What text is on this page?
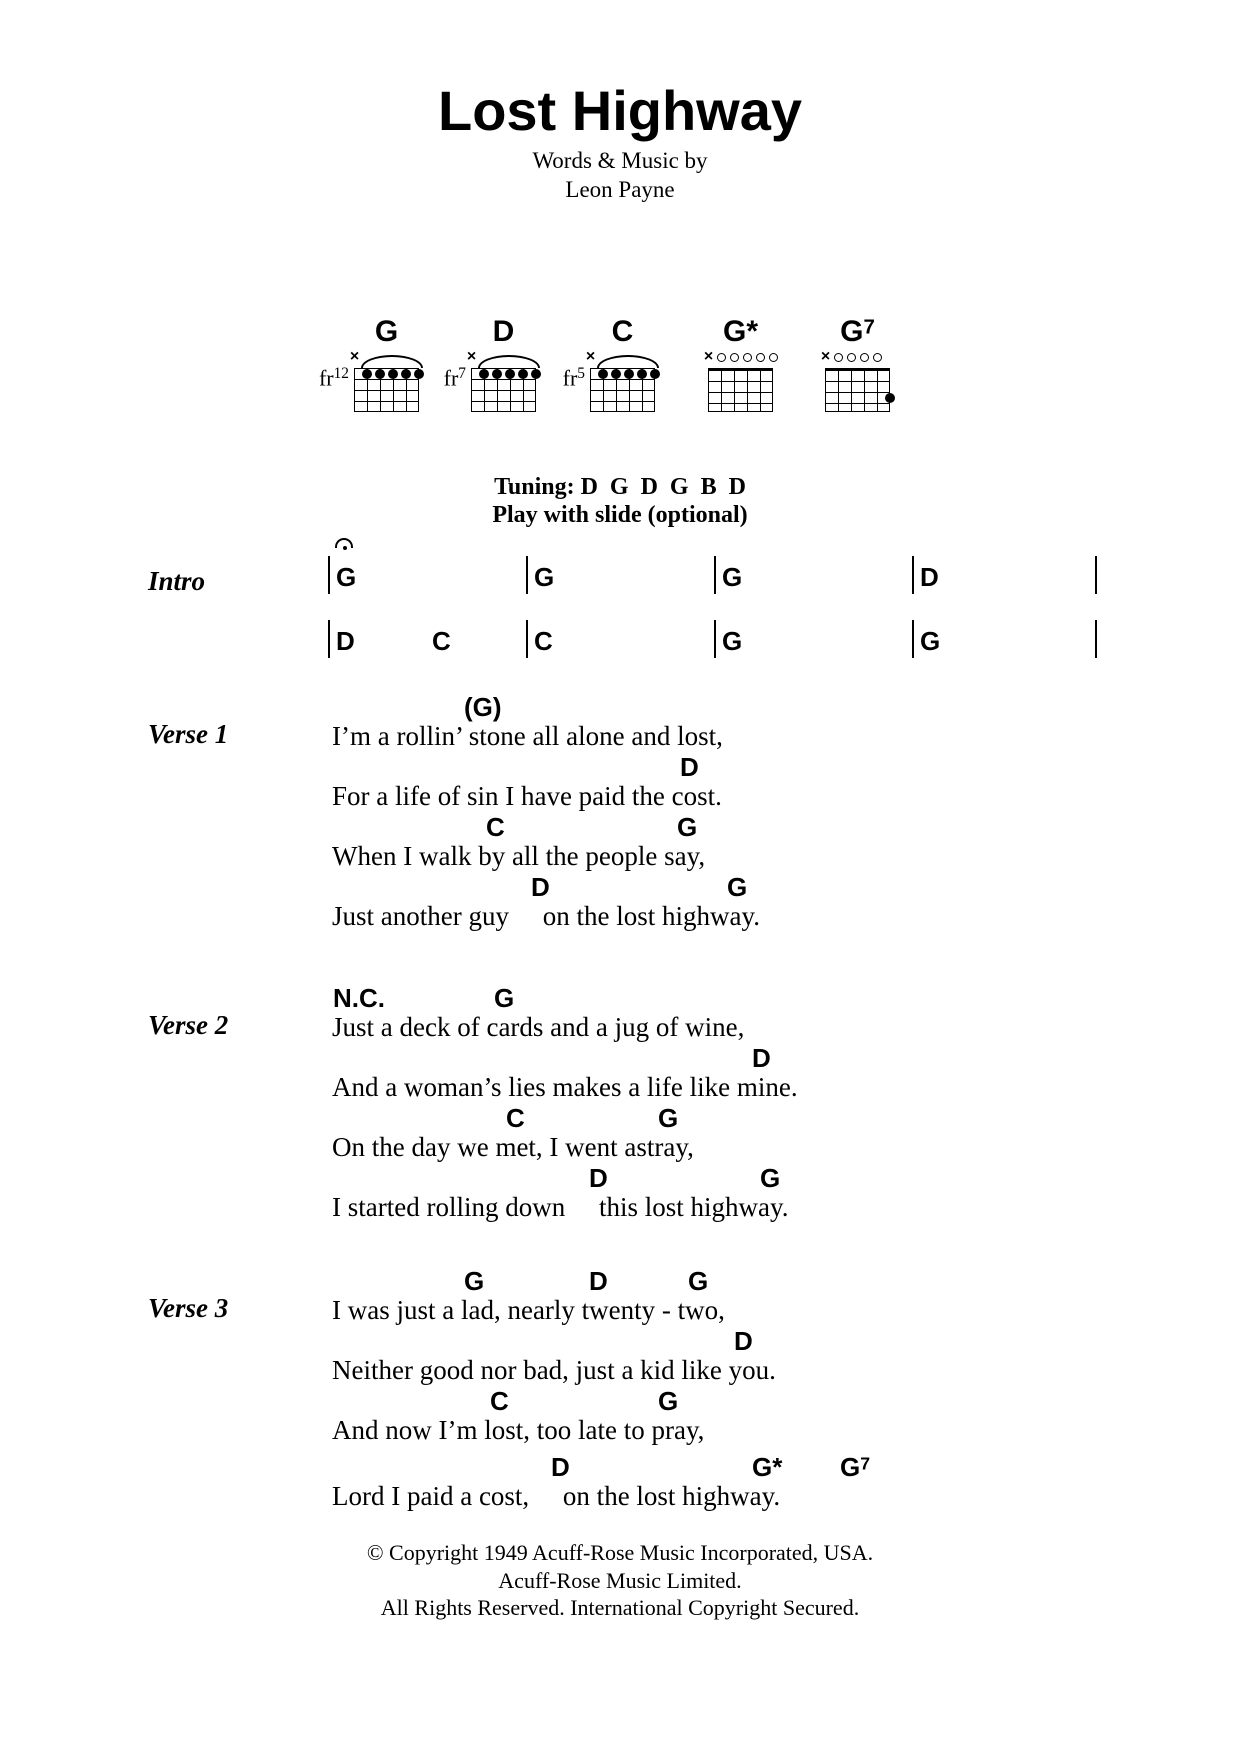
Lost Highway
Words & Music by
Leon Payne
G
×
$fr^{12}$
D
×
$fr^7$
C
×
$fr^5$
G*
×
$G^7$
×
Tuning: D  G  D  G  B  D
Play with slide (optional)
Intro	G	G	G	D
D	C	C	G	G
Verse 1
(G)
I’m a rollin’ stone all alone and lost,
D
For a life of sin I have paid the cost.
C	G
When I walk by all the people say,
D	G
Just another guy     on the lost highway.
Verse 2
N.C.	G
Just a deck of cards and a jug of wine,
D
And a woman’s lies makes a life like mine.
C	G
On the day we met, I went astray,
D	G
I started rolling down     this lost highway.
Verse 3
G	D	G
I was just a lad, nearly twenty - two,
D
Neither good nor bad, just a kid like you.
C	G
And now I’m lost, too late to pray,
D	G* $G^7$
Lord I paid a cost,     on the lost highway.
© Copyright 1949 Acuff-Rose Music Incorporated, USA.
Acuff-Rose Music Limited.
All Rights Reserved. International Copyright Secured.
